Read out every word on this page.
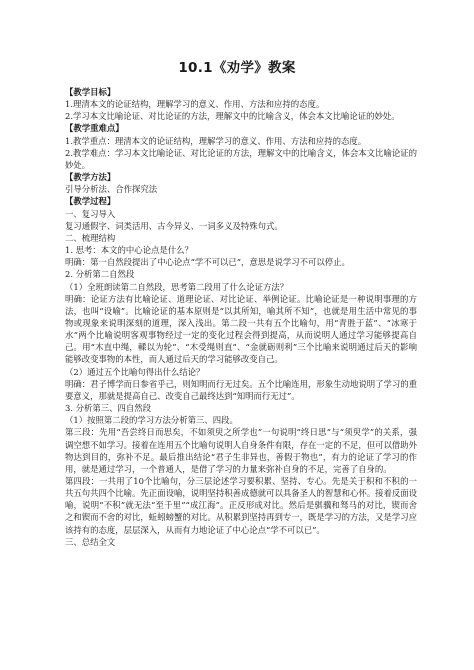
10.1《劝学》教案

【教学目标】

1.理清本文的论证结构，理解学习的意义、作用、方法和应持的态度。

2.学习本文比喻论证、对比论证的方法，理解文中的比喻含义，体会本文比喻论证的妙处。

【教学重难点】

1.教学重点：理清本文的论证结构，理解学习的意义、作用、方法和应持的态度。

2.教学难点：学习本文比喻论证、对比论证的方法，理解文中的比喻含义，体会本文比喻论证的妙处。

【教学方法】

引导分析法、合作探究法

【教学过程】

一、复习导入

复习通假字、词类活用、古今异义、一词多义及特殊句式。

二、梳理结构

1. 思考：本文的中心论点是什么？

明确：第一自然段提出了中心论点“学不可以已”，意思是说学习不可以停止。

2. 分析第二自然段

（1）全班朗读第二自然段，思考第二段用了什么论证方法？

明确：论证方法有比喻论证、道理论证、对比论证、举例论证。比喻论证是一种说明事理的方法，也叫“设喻”。比喻论证的基本原则是“以其所知，喻其所不知”，也就是用生活中常见的事物或现象来说明深刻的道理，深入浅出。第二段一共有五个比喻句，用“青胜于蓝”、“冰寒于水”两个比喻说明客观事物经过一定的变化过程会得到提高，从而说明人通过学习能够提高自己。用“木直中绳，輮以为轮”、“木受绳则直”、“金就砺则利”三个比喻来说明通过后天的影响能够改变事物的本性，而人通过后天的学习能够改变自己。

（2）通过五个比喻句得出什么结论？

明确：君子博学而日参省乎己，则知明而行无过矣。五个比喻连用，形象生动地说明了学习的重要意义，那就是提高自己、改变自己最终达到“知明而行无过”。

3. 分析第三、四自然段

（1）按照第二段的学习方法分析第三、四段。

第三段：先用“吾尝终日而思矣，不如须臾之所学也”一句说明“终日思”与“须臾学”的关系，强调空想不如学习。接着在连用五个比喻句说明人自身条件有限，存在一定的不足，但可以借助外物达到目的，弥补不足。最后推出结论“君子生非异也，善假于物也”，有力的论证了学习的作用，就是通过学习，一个普通人，是借了学习的力量来弥补自身的不足，完善了自身的。

第四段：一共用了10个比喻句，分三层论述学习要积累、坚持、专心。先是关于积和不积的一共五句共四个比喻。先正面设喻，说明坚持积善成德就可以具备圣人的智慧和心怀。接着反面设喻，说明“不积”就无法“至千里”“成江海”。正反形成对比。然后是骐骥和驽马的对比，锲而舍之和锲而不舍的对比，蚯蚓螃蟹的对比。从积累到坚持再到专一，既是学习的方法，又是学习应该持有的态度，层层深入，从而有力地论证了中心论点“学不可以已”。

三、总结全文
